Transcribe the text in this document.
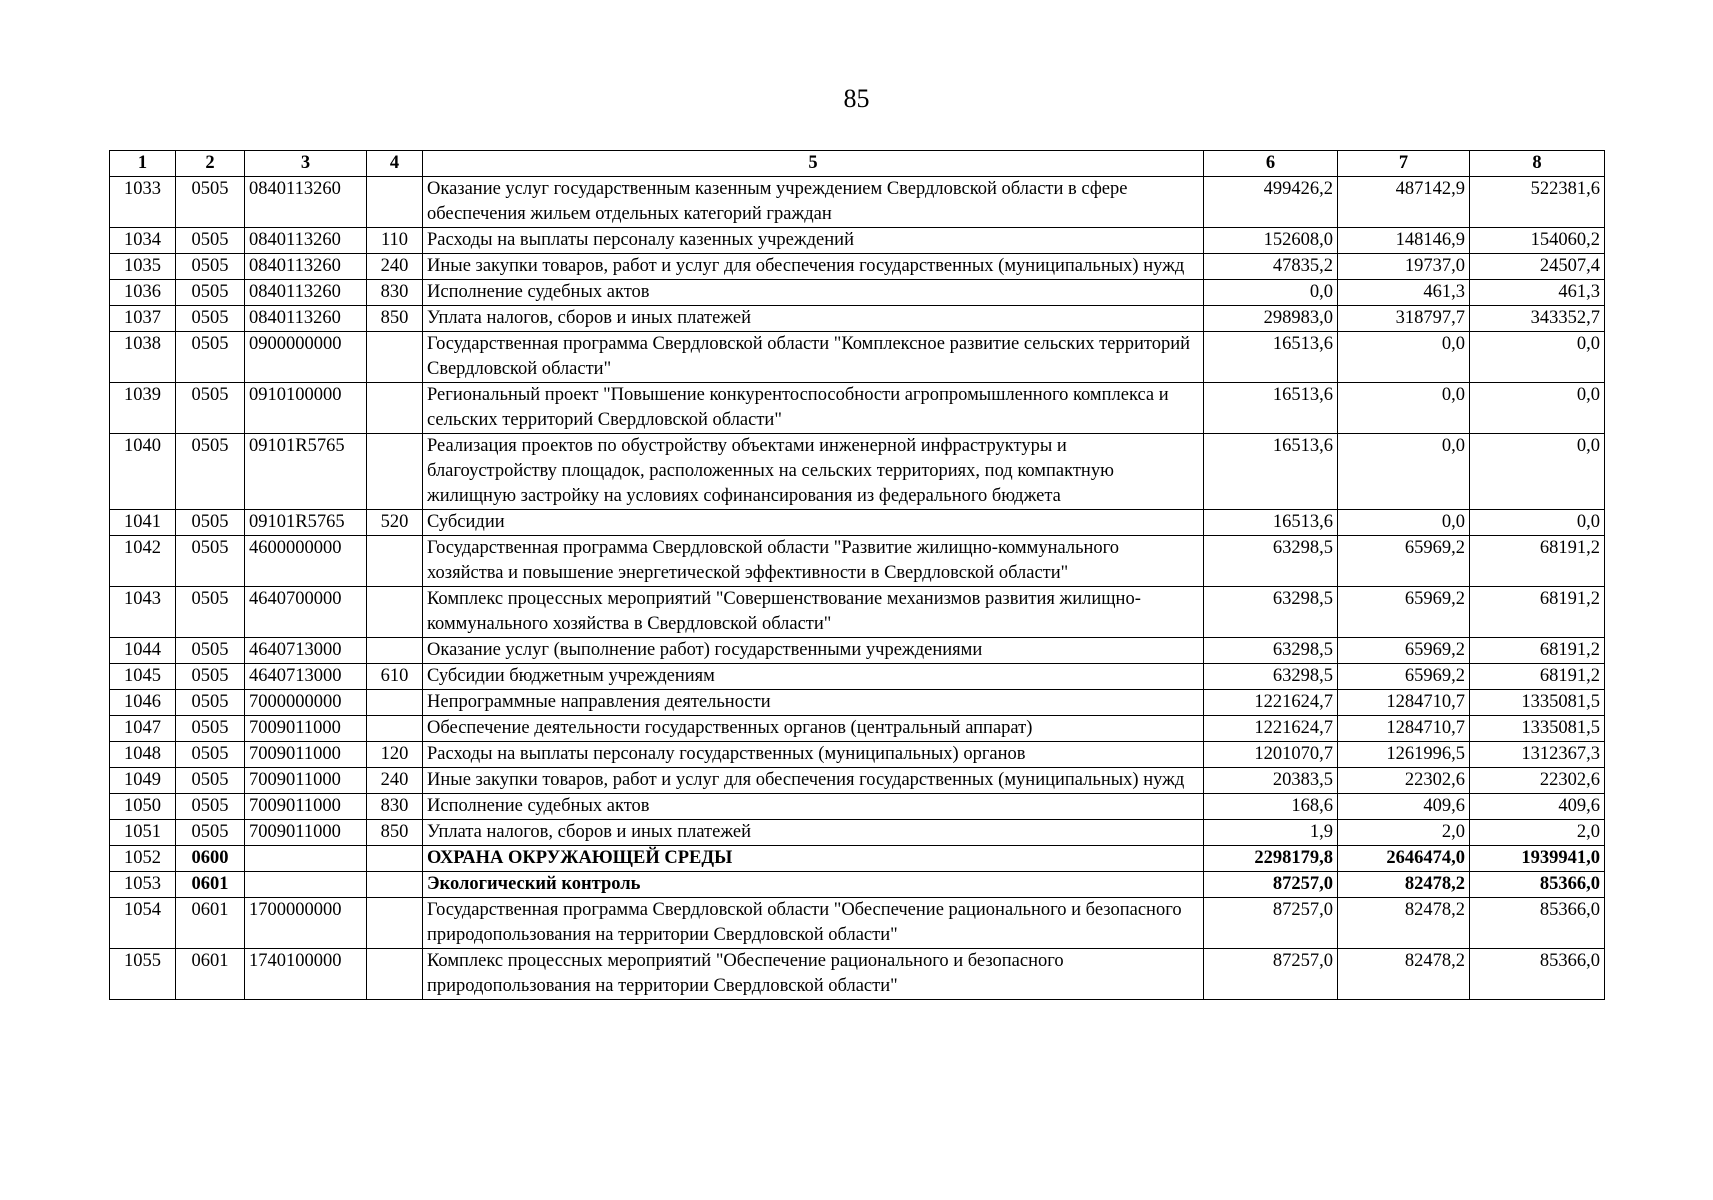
85
1	2	3	4	5	6	7	8
1033	0505	0840113260		Оказание услуг государственным казенным учреждением Свердловской области в сфере обеспечения жильем отдельных категорий граждан	499426,2	487142,9	522381,6
1034	0505	0840113260	110	Расходы на выплаты персоналу казенных учреждений	152608,0	148146,9	154060,2
1035	0505	0840113260	240	Иные закупки товаров, работ и услуг для обеспечения государственных (муниципальных) нужд	47835,2	19737,0	24507,4
1036	0505	0840113260	830	Исполнение судебных актов	0,0	461,3	461,3
1037	0505	0840113260	850	Уплата налогов, сборов и иных платежей	298983,0	318797,7	343352,7
1038	0505	0900000000		Государственная программа Свердловской области "Комплексное развитие сельских территорий Свердловской области"	16513,6	0,0	0,0
1039	0505	0910100000		Региональный проект "Повышение конкурентоспособности агропромышленного комплекса и сельских территорий Свердловской области"	16513,6	0,0	0,0
1040	0505	09101R5765		Реализация проектов по обустройству объектами инженерной инфраструктуры и благоустройству площадок, расположенных на сельских территориях, под компактную жилищную застройку на условиях софинансирования из федерального бюджета	16513,6	0,0	0,0
1041	0505	09101R5765	520	Субсидии	16513,6	0,0	0,0
1042	0505	4600000000		Государственная программа Свердловской области "Развитие жилищно-коммунального хозяйства и повышение энергетической эффективности в Свердловской области"	63298,5	65969,2	68191,2
1043	0505	4640700000		Комплекс процессных мероприятий "Совершенствование механизмов развития жилищно-коммунального хозяйства в Свердловской области"	63298,5	65969,2	68191,2
1044	0505	4640713000		Оказание услуг (выполнение работ) государственными учреждениями	63298,5	65969,2	68191,2
1045	0505	4640713000	610	Субсидии бюджетным учреждениям	63298,5	65969,2	68191,2
1046	0505	7000000000		Непрограммные направления деятельности	1221624,7	1284710,7	1335081,5
1047	0505	7009011000		Обеспечение деятельности государственных органов (центральный аппарат)	1221624,7	1284710,7	1335081,5
1048	0505	7009011000	120	Расходы на выплаты персоналу государственных (муниципальных) органов	1201070,7	1261996,5	1312367,3
1049	0505	7009011000	240	Иные закупки товаров, работ и услуг для обеспечения государственных (муниципальных) нужд	20383,5	22302,6	22302,6
1050	0505	7009011000	830	Исполнение судебных актов	168,6	409,6	409,6
1051	0505	7009011000	850	Уплата налогов, сборов и иных платежей	1,9	2,0	2,0
1052	0600			ОХРАНА ОКРУЖАЮЩЕЙ СРЕДЫ	2298179,8	2646474,0	1939941,0
1053	0601			Экологический контроль	87257,0	82478,2	85366,0
1054	0601	1700000000		Государственная программа Свердловской области "Обеспечение рационального и безопасного природопользования на территории Свердловской области"	87257,0	82478,2	85366,0
1055	0601	1740100000		Комплекс процессных мероприятий "Обеспечение рационального и безопасного природопользования на территории Свердловской области"	87257,0	82478,2	85366,0
